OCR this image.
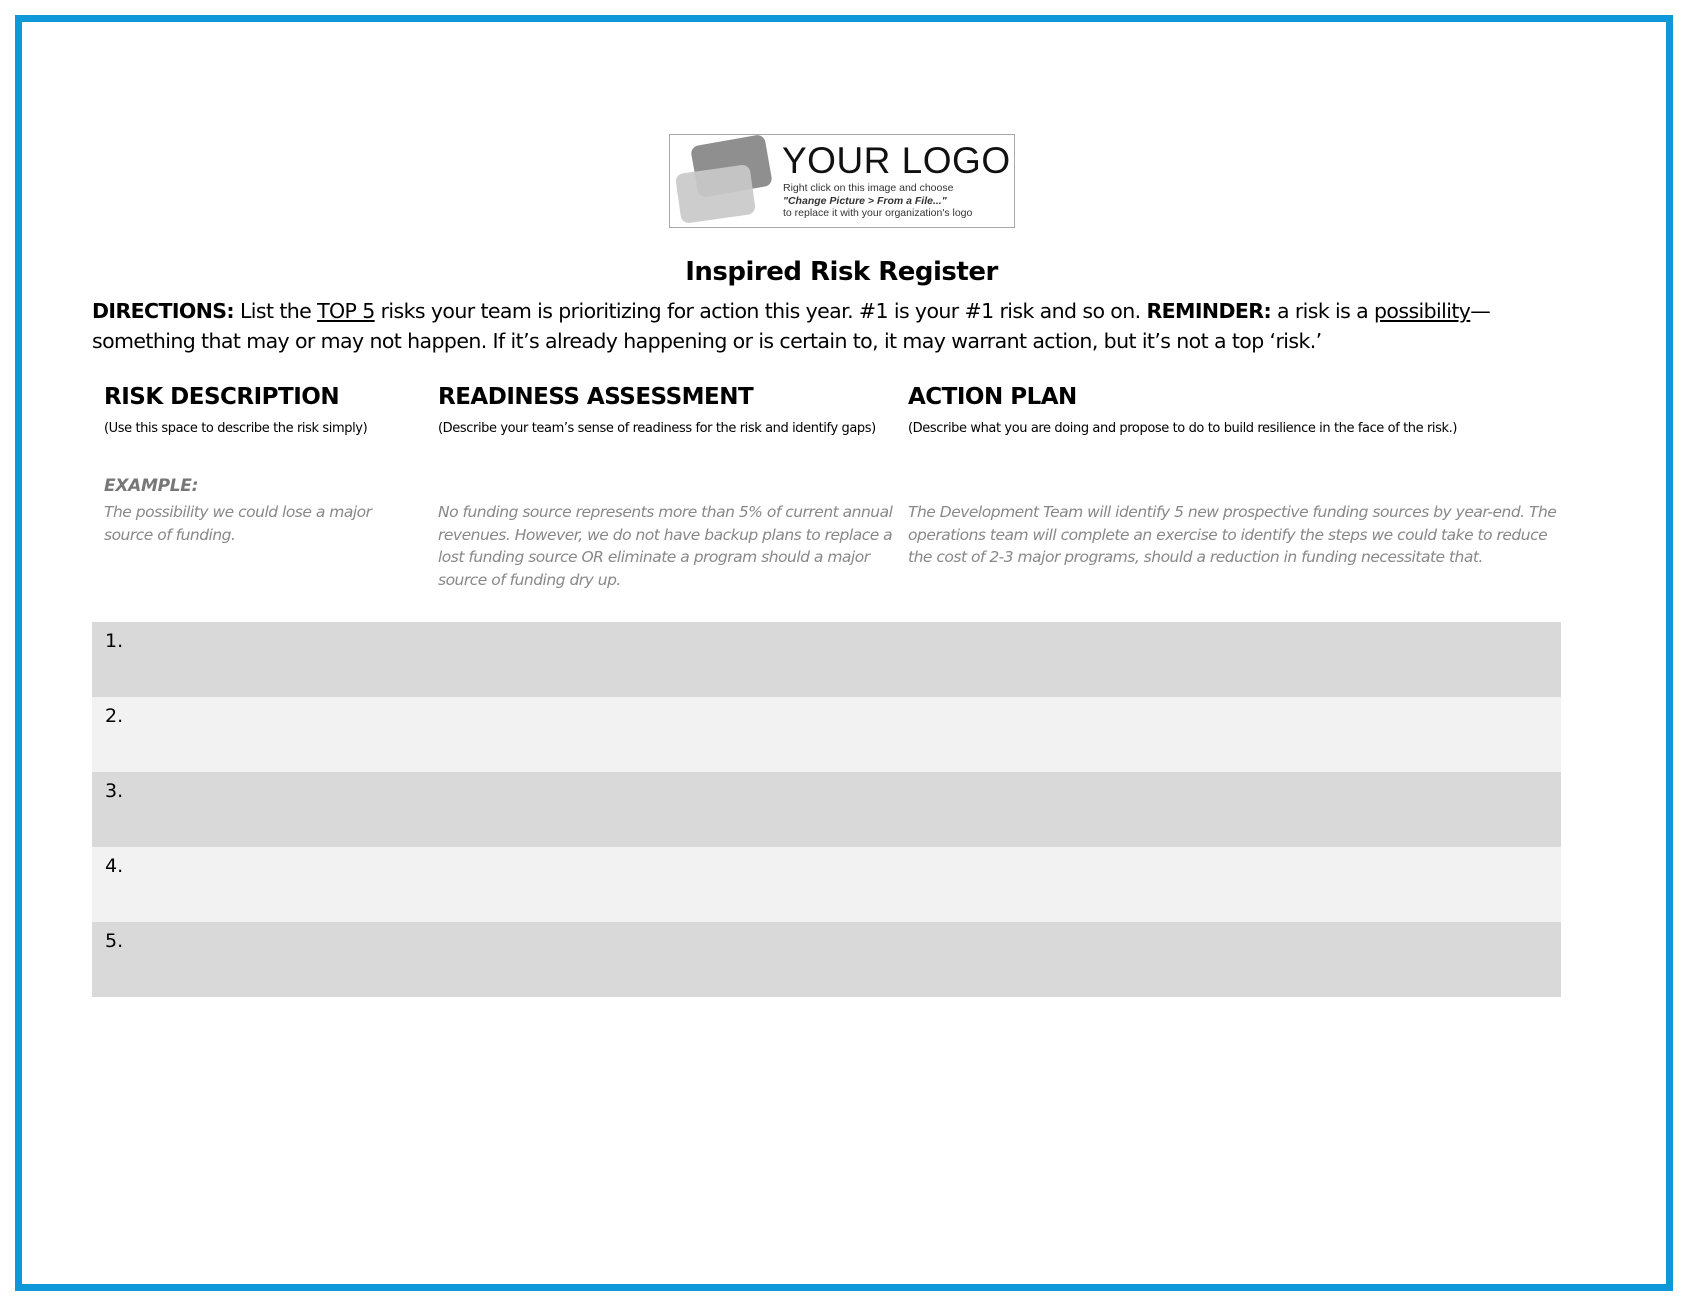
YOUR LOGO
Right click on this image and choose
"Change Picture > From a File..."
to replace it with your organization's logo
Inspired Risk Register
DIRECTIONS: List the TOP 5 risks your team is prioritizing for action this year. #1 is your #1 risk and so on. REMINDER: a risk is a possibility— something that may or may not happen. If it’s already happening or is certain to, it may warrant action, but it’s not a top ‘risk.’
RISK DESCRIPTION
(Use this space to describe the risk simply)
READINESS ASSESSMENT
(Describe your team’s sense of readiness for the risk and identify gaps)
ACTION PLAN
(Describe what you are doing and propose to do to build resilience in the face of the risk.)
EXAMPLE:
The possibility we could lose a major source of funding.
No funding source represents more than 5% of current annual revenues. However, we do not have backup plans to replace a lost funding source OR eliminate a program should a major source of funding dry up.
The Development Team will identify 5 new prospective funding sources by year-end. The operations team will complete an exercise to identify the steps we could take to reduce the cost of 2-3 major programs, should a reduction in funding necessitate that.
1.
2.
3.
4.
5.
